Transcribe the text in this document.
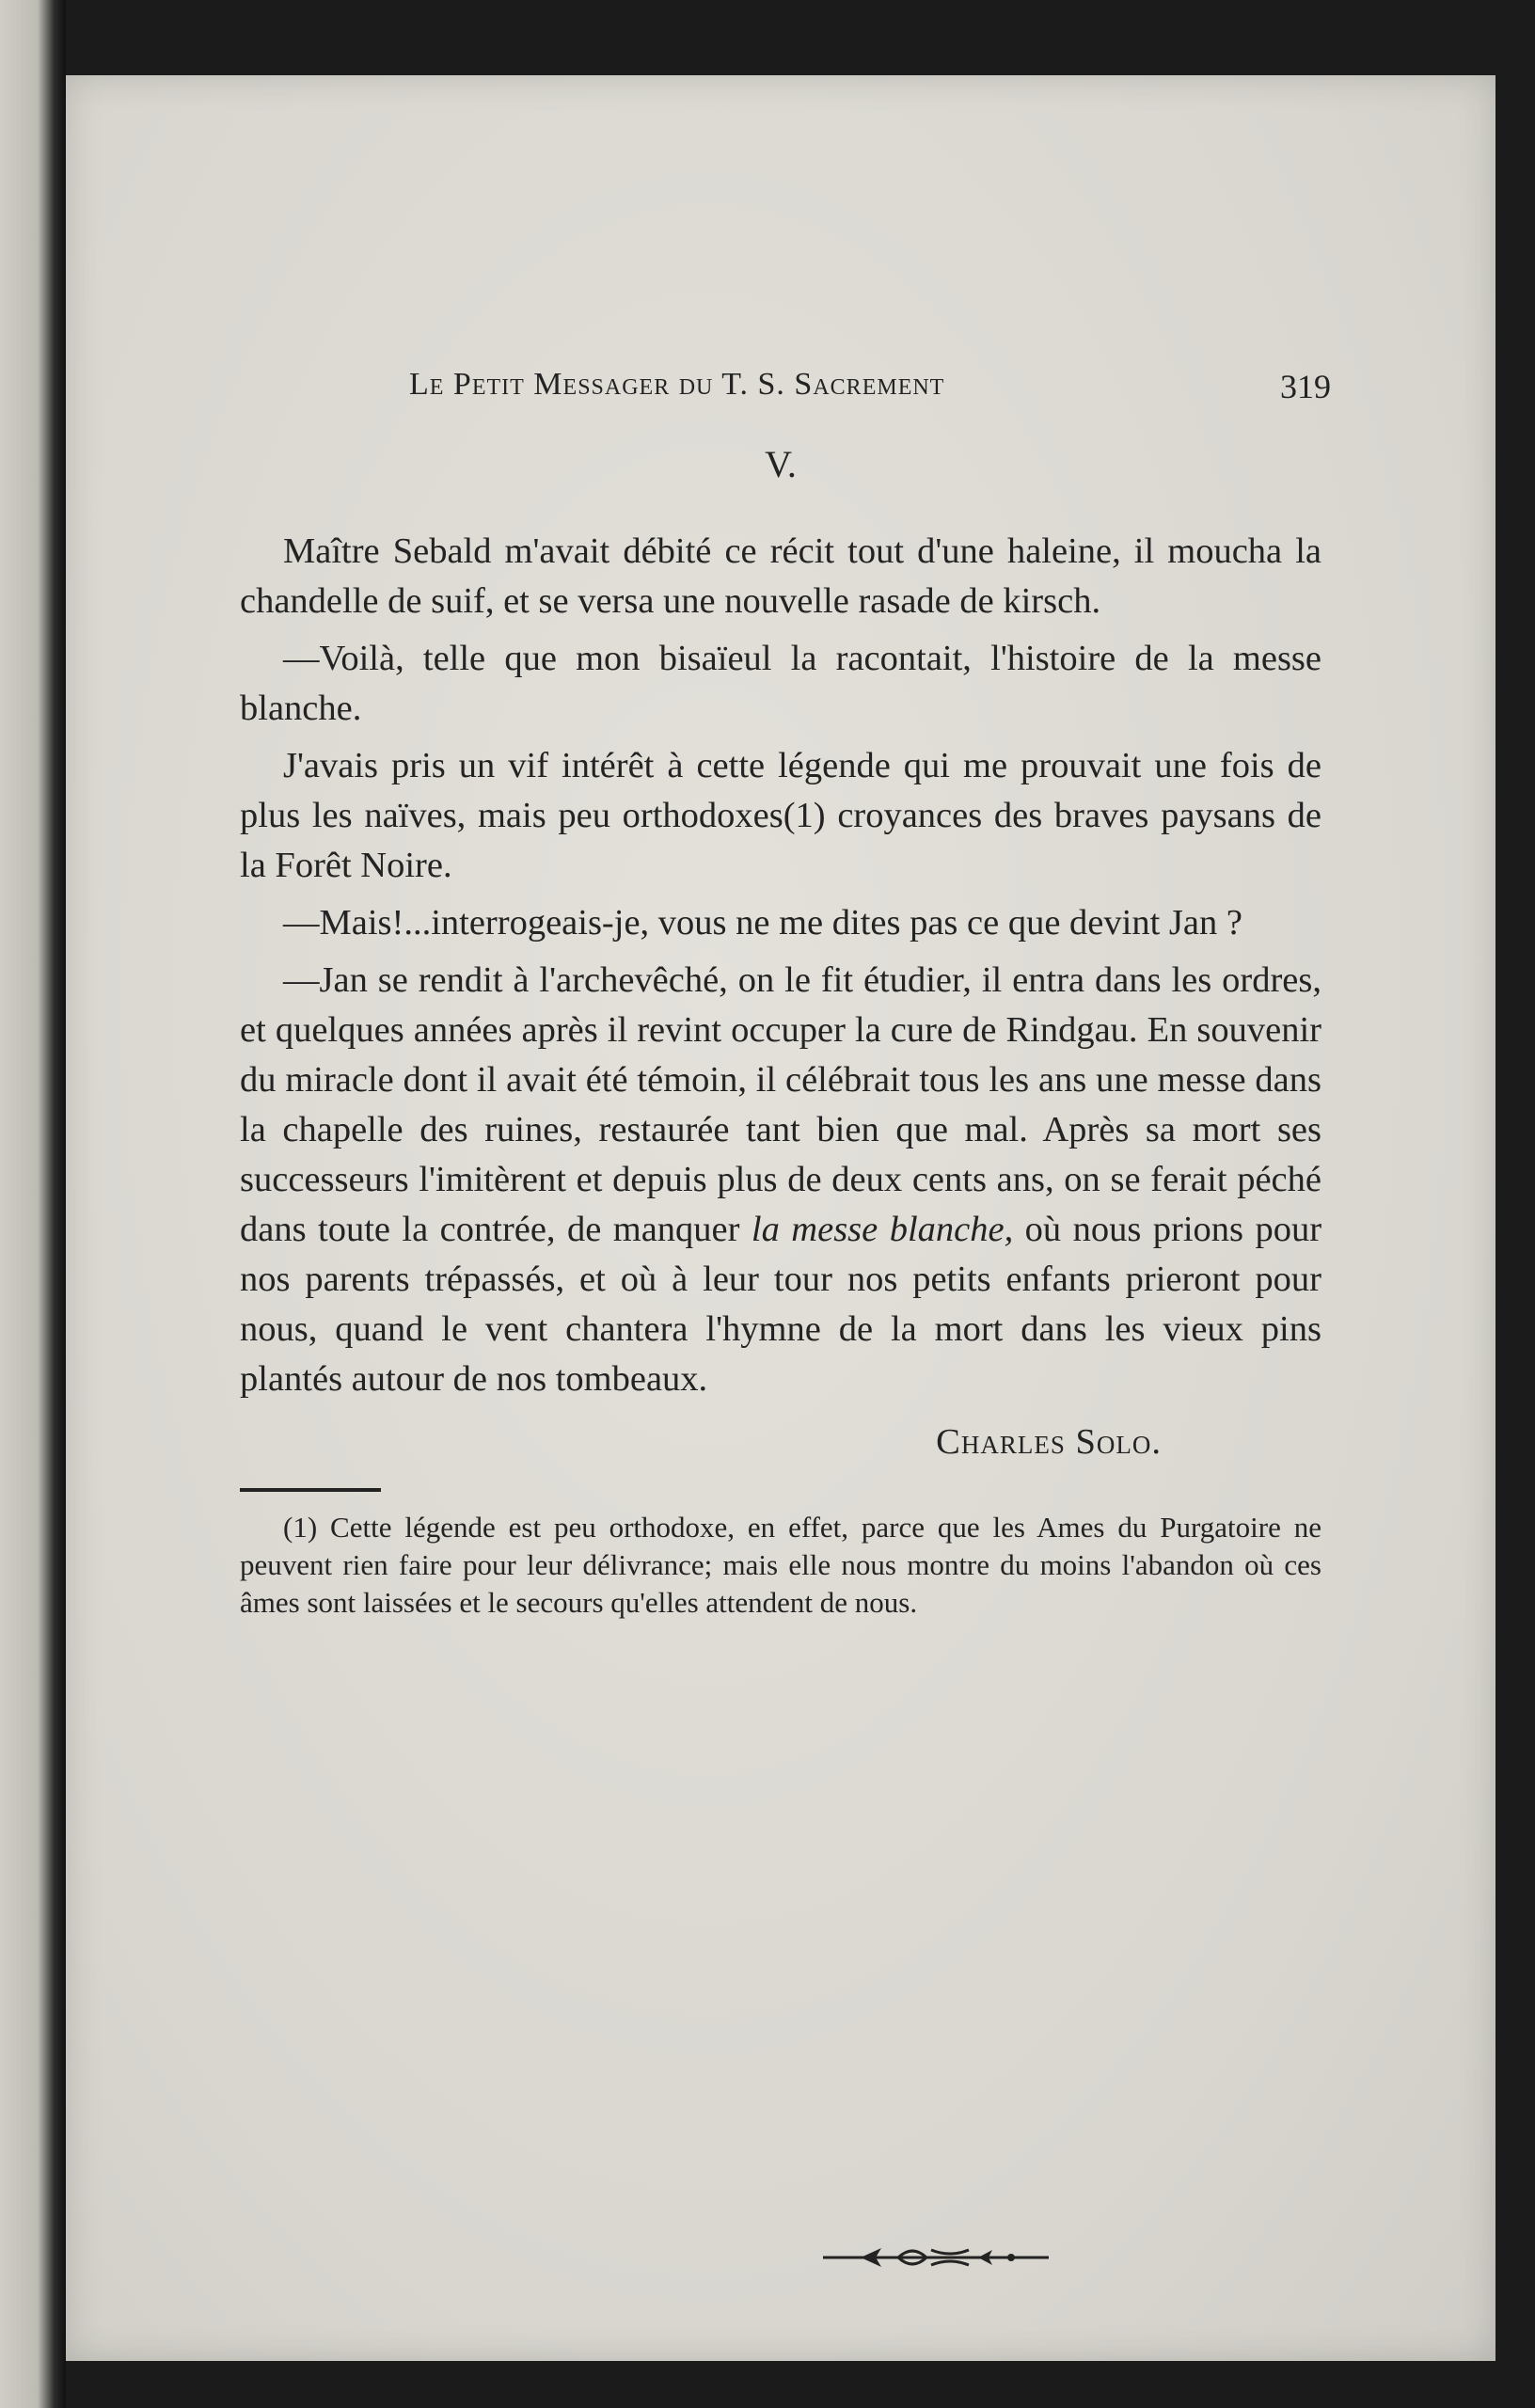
Le Petit Messager du T. S. Sacrement	319
V.

Maître Sebald m'avait débité ce récit tout d'une haleine, il moucha la chandelle de suif, et se versa une nouvelle rasade de kirsch.

—Voilà, telle que mon bisaïeul la racontait, l'histoire de la messe blanche.

J'avais pris un vif intérêt à cette légende qui me prouvait une fois de plus les naïves, mais peu orthodoxes(1) croyances des braves paysans de la Forêt Noire.

—Mais!...interrogeais-je, vous ne me dites pas ce que devint Jan ?

—Jan se rendit à l'archevêché, on le fit étudier, il entra dans les ordres, et quelques années après il revint occuper la cure de Rindgau. En souvenir du miracle dont il avait été témoin, il célébrait tous les ans une messe dans la chapelle des ruines, restaurée tant bien que mal. Après sa mort ses successeurs l'imitèrent et depuis plus de deux cents ans, on se ferait péché dans toute la contrée, de manquer la messe blanche, où nous prions pour nos parents trépassés, et où à leur tour nos petits enfants prieront pour nous, quand le vent chantera l'hymne de la mort dans les vieux pins plantés autour de nos tombeaux.

Charles Solo.

(1) Cette légende est peu orthodoxe, en effet, parce que les Ames du Purgatoire ne peuvent rien faire pour leur délivrance; mais elle nous montre du moins l'abandon où ces âmes sont laissées et le secours qu'elles attendent de nous.
